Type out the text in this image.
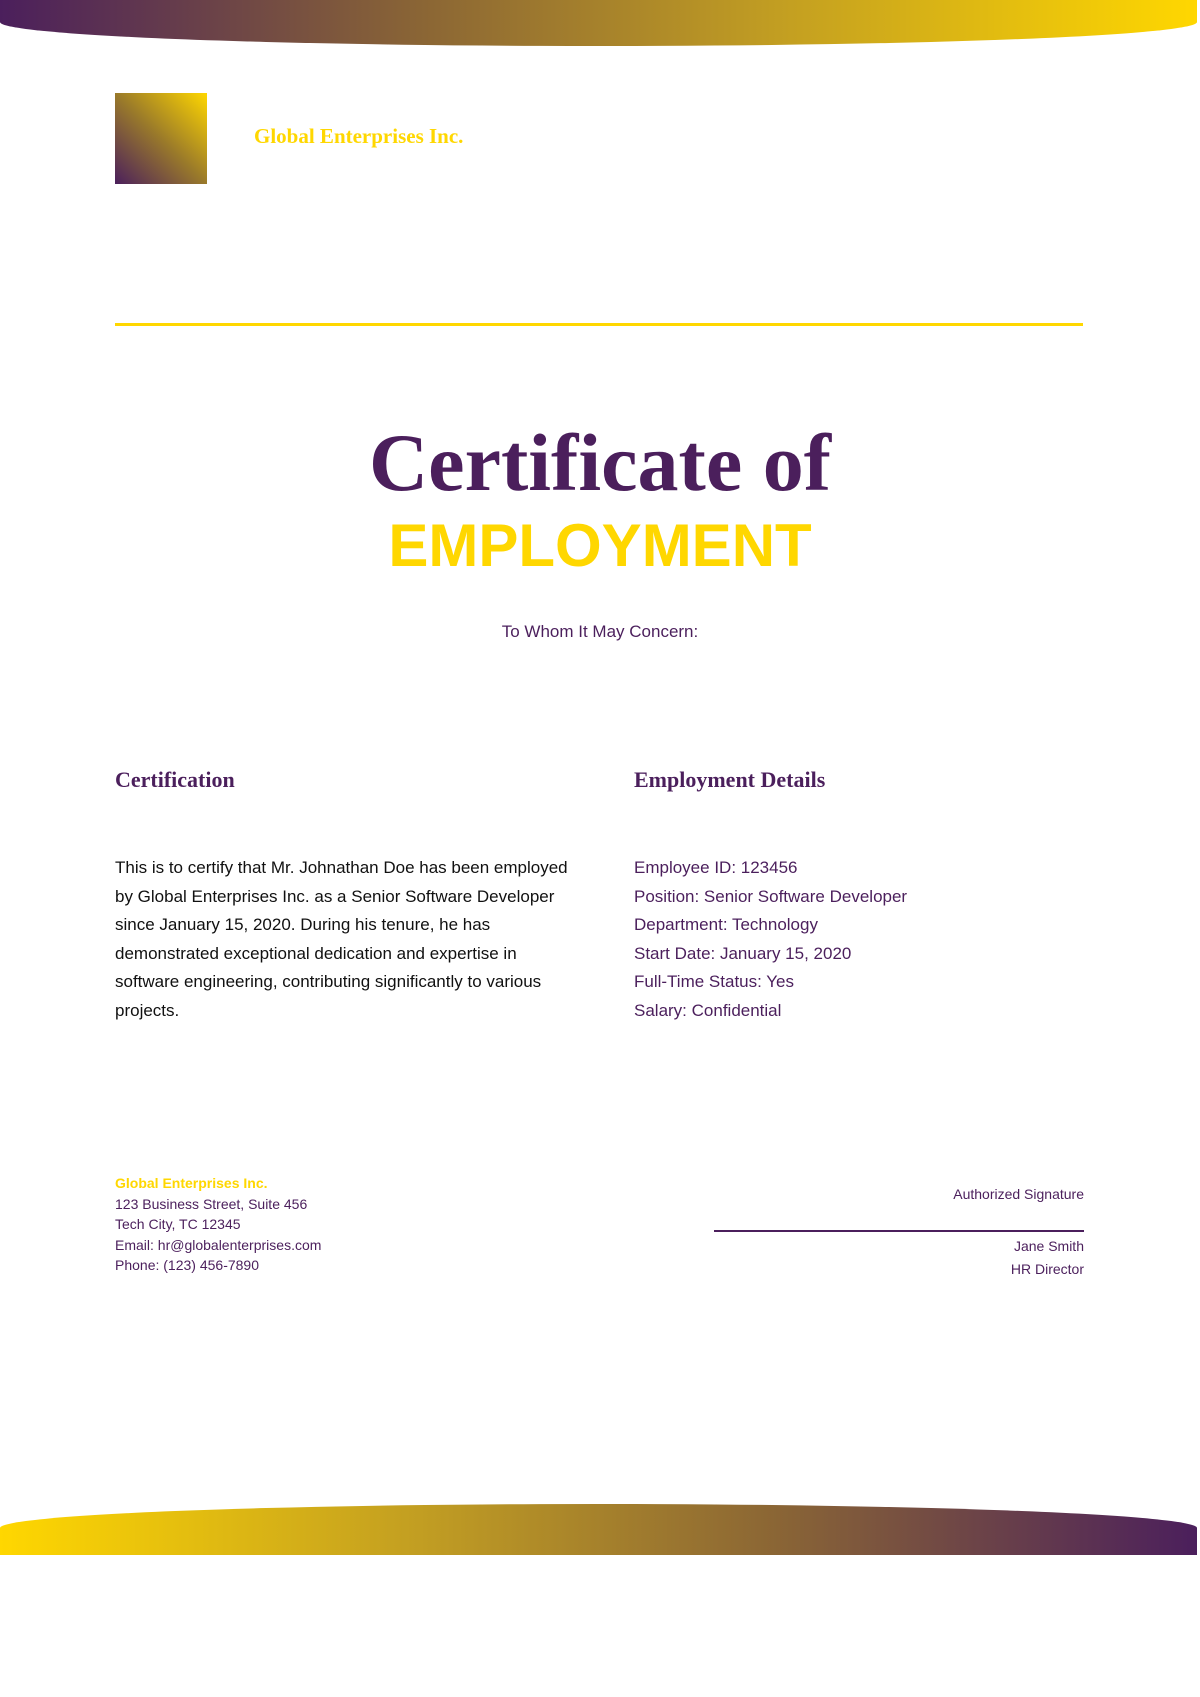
Global Enterprises Inc.
Certificate of
EMPLOYMENT
To Whom It May Concern:
Certification	Employment Details

This is to certify that Mr. Johnathan Doe has been employed by Global Enterprises Inc. as a Senior Software Developer since January 15, 2020. During his tenure, he has demonstrated exceptional dedication and expertise in software engineering, contributing significantly to various projects.

Employee ID: 123456
Position: Senior Software Developer
Department: Technology
Start Date: January 15, 2020
Full-Time Status: Yes
Salary: Confidential
Global Enterprises Inc.
123 Business Street, Suite 456
Tech City, TC 12345
Email: hr@globalenterprises.com
Phone: (123) 456-7890
Authorized Signature
Jane Smith
HR Director
